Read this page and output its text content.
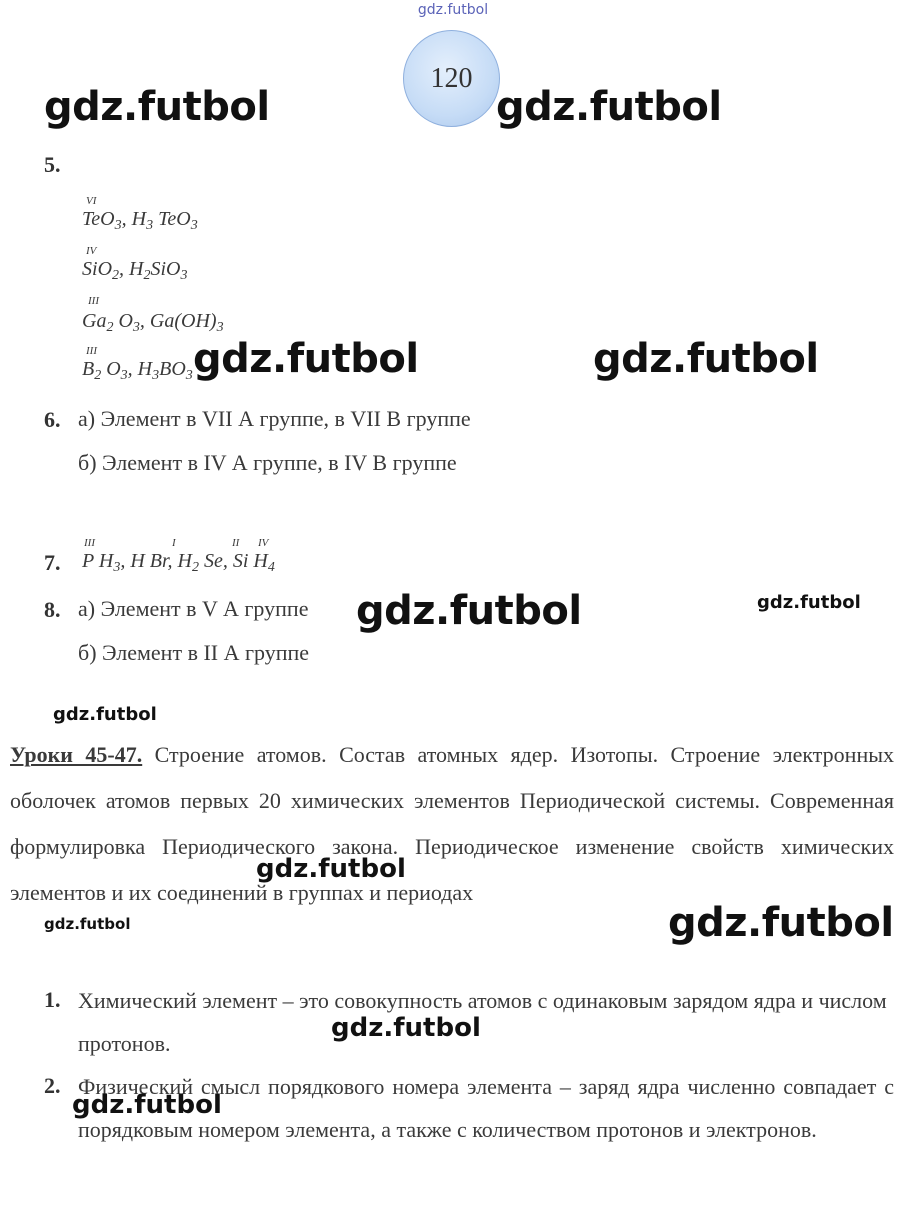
gdz.futbol
120
5.
VI
TeO$_3$, $H_3$ TeO$_3$
IV
SiO$_2$, $H_2SiO_3$
III
$Ga_2$ $O_3$, $Ga(OH)_3$
III
$B_2$ $O_3$, $H_3BO_3$
6. а) Элемент в VII А группе, в VII В группе
б) Элемент в IV А группе, в IV В группе
III	I	II IV
7. P $H_3$, H Br, $H_2$ Se, Si $H_4$
8. а) Элемент в V А группе
б) Элемент в II А группе
Уроки 45-47. Строение атомов. Состав атомных ядер. Изотопы. Строение электронных оболочек атомов первых 20 химических элементов Периодической системы. Современная формулировка Периодического закона. Периодическое изменение свойств химических элементов и их соединений в группах и периодах
1. Химический элемент – это совокупность атомов с одинаковым зарядом ядра и числом протонов.
2. Физический смысл порядкового номера элемента – заряд ядра численно совпадает с порядковым номером элемента, а также с количеством протонов и электронов.
gdz.futbol	gdz.futbol
gdz.futbol	gdz.futbol
gdz.futbol	gdz.futbol
gdz.futbol
gdz.futbol
gdz.futbol	gdz.futbol
gdz.futbol
gdz.futbol
